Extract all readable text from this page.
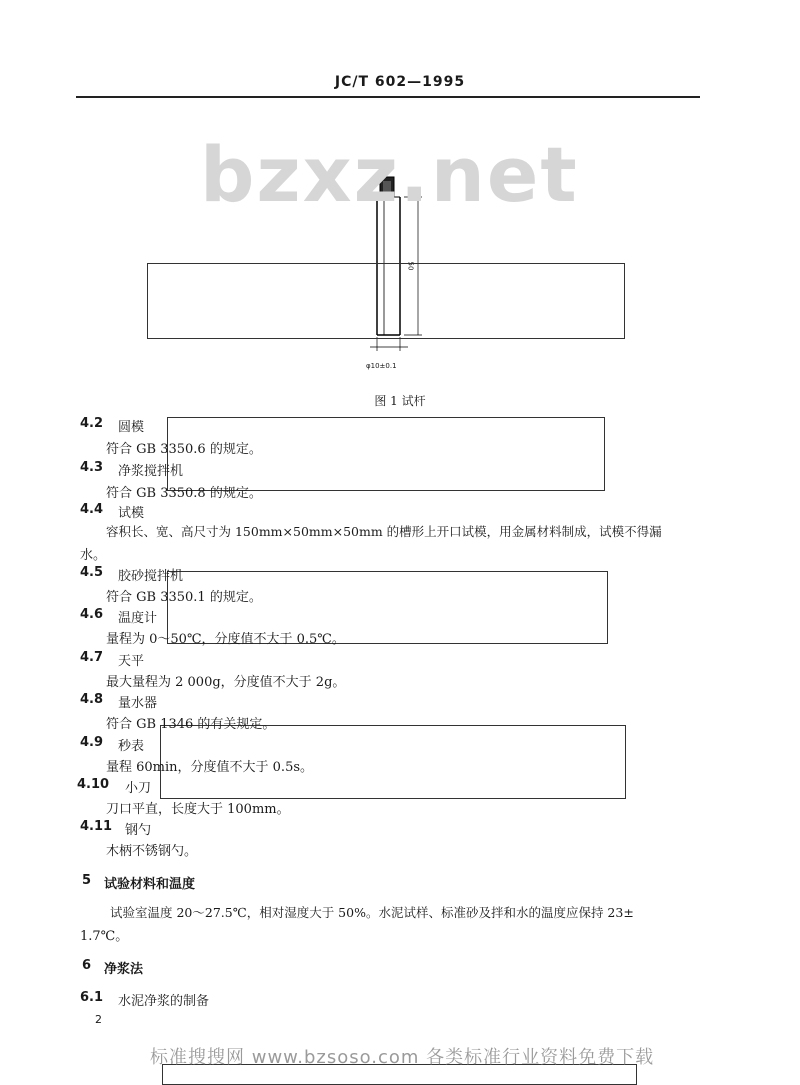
JC/T 602—1995
50
φ10±0.1
bzxz.net
图 1 试杆
4.2 圆模
符合 GB 3350.6 的规定。
4.3 净浆搅拌机
符合 GB 3350.8 的规定。
4.4 试模
容积长、宽、高尺寸为 150mm×50mm×50mm 的槽形上开口试模，用金属材料制成，试模不得漏
水。
4.5 胶砂搅拌机
符合 GB 3350.1 的规定。
4.6 温度计
量程为 0～50℃，分度值不大于 0.5℃。
4.7 天平
最大量程为 2 000g，分度值不大于 2g。
4.8 量水器
符合 GB 1346 的有关规定。
4.9 秒表
量程 60min，分度值不大于 0.5s。
4.10 小刀
刀口平直，长度大于 100mm。
4.11 钢勺
木柄不锈钢勺。
5 试验材料和温度
试验室温度 20～27.5℃，相对湿度大于 50%。水泥试样、标准砂及拌和水的温度应保持 23±
1.7℃。
6 净浆法
6.1 水泥净浆的制备
2
标准搜搜网 www.bzsoso.com 各类标准行业资料免费下载
